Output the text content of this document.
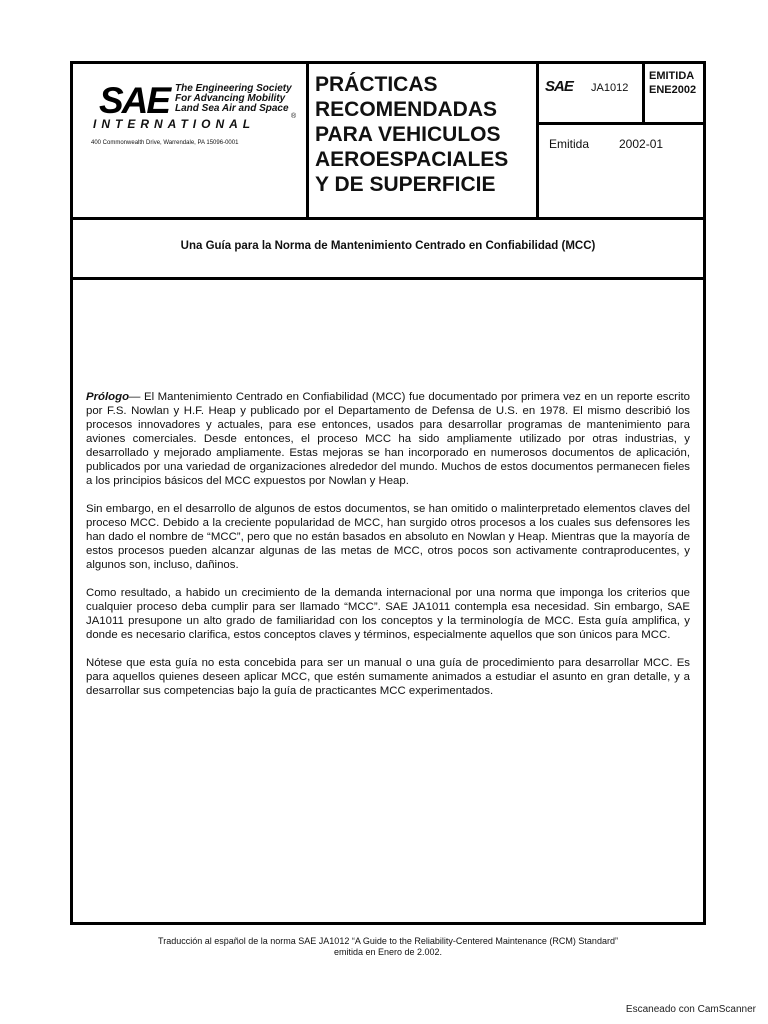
SAE The Engineering Society
For Advancing Mobility
Land Sea Air and Space
®
INTERNATIONAL
400 Commonwealth Drive, Warrendale, PA 15096-0001
PRÁCTICAS
RECOMENDADAS
PARA VEHICULOS
AEROESPACIALES
Y DE SUPERFICIE
SAE JA1012
EMITIDA
ENE2002
Emitida 2002-01
Una Guía para la Norma de Mantenimiento Centrado en Confiabilidad (MCC)

Prólogo— El Mantenimiento Centrado en Confiabilidad (MCC) fue documentado por primera vez en un reporte escrito por F.S. Nowlan y H.F. Heap y publicado por el Departamento de Defensa de U.S. en 1978. El mismo describió los procesos innovadores y actuales, para ese entonces, usados para desarrollar programas de mantenimiento para aviones comerciales. Desde entonces, el proceso MCC ha sido ampliamente utilizado por otras industrias, y desarrollado y mejorado ampliamente. Estas mejoras se han incorporado en numerosos documentos de aplicación, publicados por una variedad de organizaciones alrededor del mundo. Muchos de estos documentos permanecen fieles a los principios básicos del MCC expuestos por Nowlan y Heap.

Sin embargo, en el desarrollo de algunos de estos documentos, se han omitido o malinterpretado elementos claves del proceso MCC. Debido a la creciente popularidad de MCC, han surgido otros procesos a los cuales sus defensores les han dado el nombre de “MCC”, pero que no están basados en absoluto en Nowlan y Heap. Mientras que la mayoría de estos procesos pueden alcanzar algunas de las metas de MCC, otros pocos son activamente contraproducentes, y algunos son, incluso, dañinos.

Como resultado, a habido un crecimiento de la demanda internacional por una norma que imponga los criterios que cualquier proceso deba cumplir para ser llamado “MCC”. SAE JA1011 contempla esa necesidad. Sin embargo, SAE JA1011 presupone un alto grado de familiaridad con los conceptos y la terminología de MCC. Esta guía amplifica, y donde es necesario clarifica, estos conceptos claves y términos, especialmente aquellos que son únicos para MCC.

Nótese que esta guía no esta concebida para ser un manual o una guía de procedimiento para desarrollar MCC. Es para aquellos quienes deseen aplicar MCC, que estén sumamente animados a estudiar el asunto en gran detalle, y a desarrollar sus competencias bajo la guía de practicantes MCC experimentados.

Traducción al español de la norma SAE JA1012 “A Guide to the Reliability-Centered Maintenance (RCM) Standard”
emitida en Enero de 2.002.
Escaneado con CamScanner
